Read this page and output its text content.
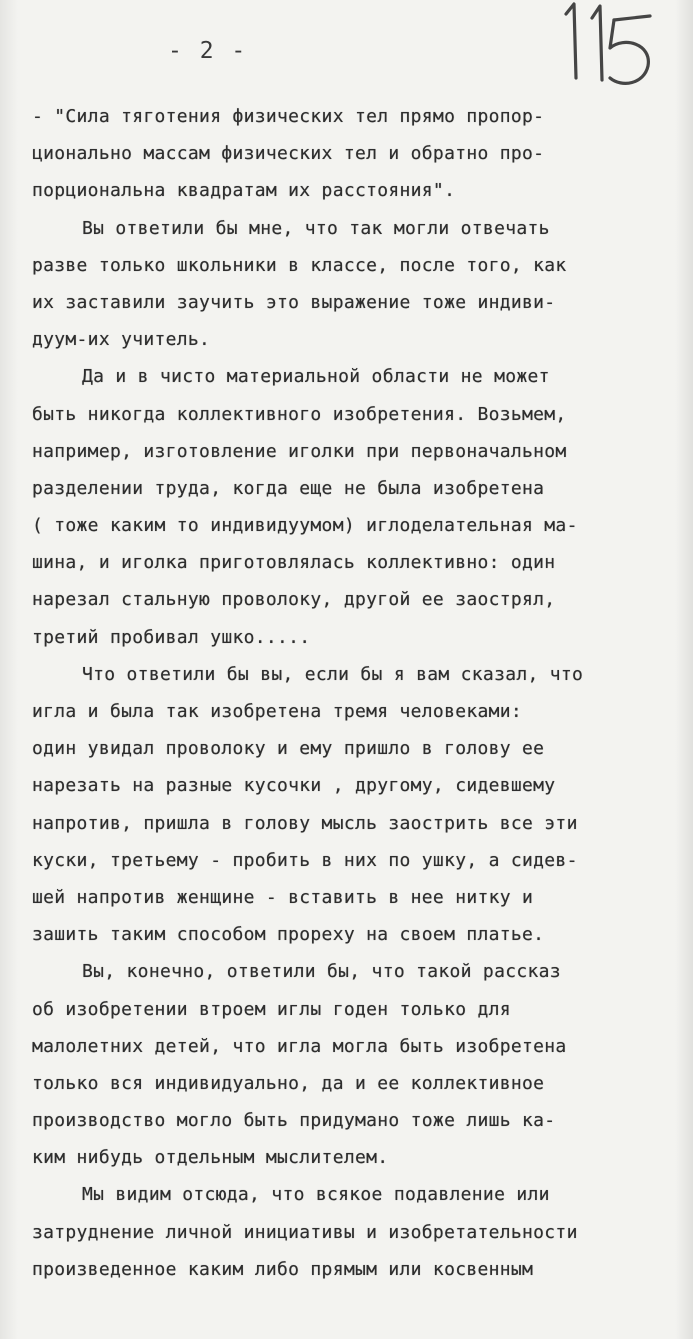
- 2 -

- "Сила тяготения физических тел прямо пропор-
ционально массам физических тел и обратно про-
порциональна квадратам их расстояния".

Вы ответили бы мне, что так могли отвечать
разве только школьники в классе, после того, как
их заставили заучить это выражение тоже индиви-
дуум-их учитель.

Да и в чисто материальной области не может
быть никогда коллективного изобретения. Возьмем,
например, изготовление иголки при первоначальном
разделении труда, когда еще не была изобретена
( тоже каким то индивидуумом) иглоделательная ма-
шина, и иголка приготовлялась коллективно: один
нарезал стальную проволоку, другой ее заострял,
третий пробивал ушко.....

Что ответили бы вы, если бы я вам сказал, что
игла и была так изобретена тремя человеками:
один увидал проволоку и ему пришло в голову ее
нарезать на разные кусочки , другому, сидевшему
напротив, пришла в голову мысль заострить все эти
куски, третьему - пробить в них по ушку, а сидев-
шей напротив женщине - вставить в нее нитку и
зашить таким способом прореху на своем платье.

Вы, конечно, ответили бы, что такой рассказ
об изобретении втроем иглы годен только для
малолетних детей, что игла могла быть изобретена
только вся индивидуально, да и ее коллективное
производство могло быть придумано тоже лишь ка-
ким нибудь отдельным мыслителем.

Мы видим отсюда, что всякое подавление или
затруднение личной инициативы и изобретательности
произведенное каким либо прямым или косвенным
